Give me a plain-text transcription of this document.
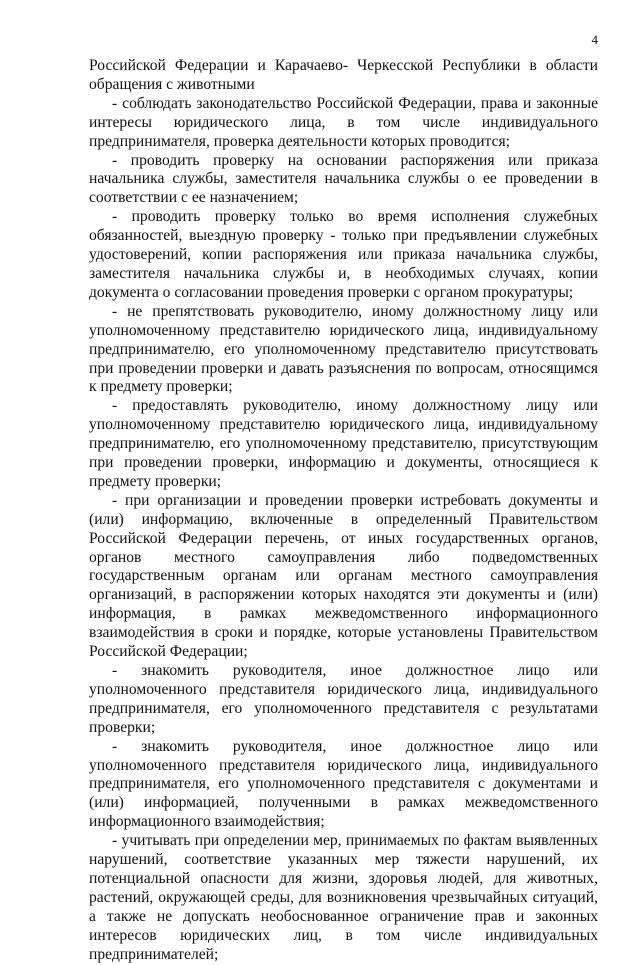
4

Российской Федерации и Карачаево- Черкесской Республики в области обращения с животными

- соблюдать законодательство Российской Федерации, права и законные интересы юридического лица, в том числе индивидуального предпринимателя, проверка деятельности которых проводится;

- проводить проверку на основании распоряжения или приказа начальника службы, заместителя начальника службы о ее проведении в соответствии с ее назначением;

- проводить проверку только во время исполнения служебных обязанностей, выездную проверку - только при предъявлении служебных удостоверений, копии распоряжения или приказа начальника службы, заместителя начальника службы и, в необходимых случаях, копии документа о согласовании проведения проверки с органом прокуратуры;

- не препятствовать руководителю, иному должностному лицу или уполномоченному представителю юридического лица, индивидуальному предпринимателю, его уполномоченному представителю присутствовать при проведении проверки и давать разъяснения по вопросам, относящимся к предмету проверки;

- предоставлять руководителю, иному должностному лицу или уполномоченному представителю юридического лица, индивидуальному предпринимателю, его уполномоченному представителю, присутствующим при проведении проверки, информацию и документы, относящиеся к предмету проверки;

- при организации и проведении проверки истребовать документы и (или) информацию, включенные в определенный Правительством Российской Федерации перечень, от иных государственных органов, органов местного самоуправления либо подведомственных государственным органам или органам местного самоуправления организаций, в распоряжении которых находятся эти документы и (или) информация, в рамках межведомственного информационного взаимодействия в сроки и порядке, которые установлены Правительством Российской Федерации;

- знакомить руководителя, иное должностное лицо или уполномоченного представителя юридического лица, индивидуального предпринимателя, его уполномоченного представителя с результатами проверки;

- знакомить руководителя, иное должностное лицо или уполномоченного представителя юридического лица, индивидуального предпринимателя, его уполномоченного представителя с документами и (или) информацией, полученными в рамках межведомственного информационного взаимодействия;

- учитывать при определении мер, принимаемых по фактам выявленных нарушений, соответствие указанных мер тяжести нарушений, их потенциальной опасности для жизни, здоровья людей, для животных, растений, окружающей среды, для возникновения чрезвычайных ситуаций, а также не допускать необоснованное ограничение прав и законных интересов юридических лиц, в том числе индивидуальных предпринимателей;
